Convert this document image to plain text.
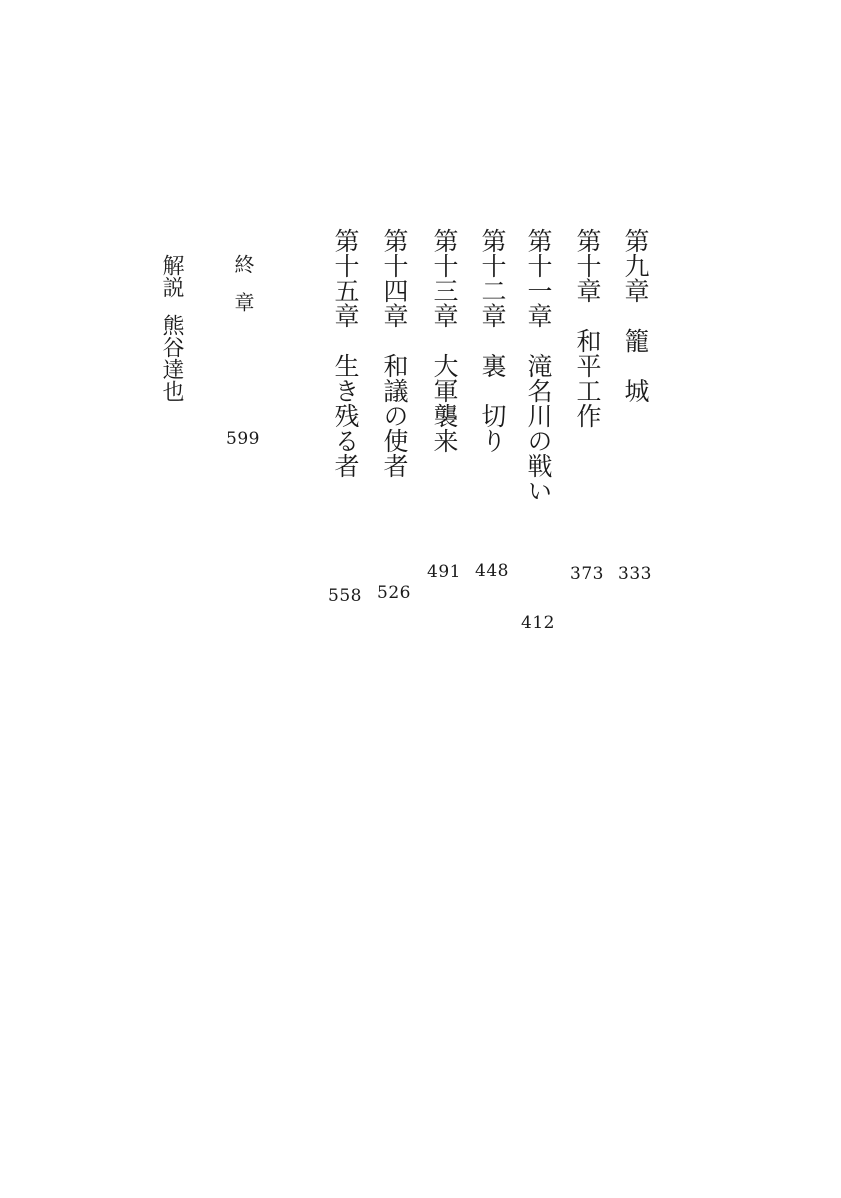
第九章　籠　城
333
第十章　和平工作
373
第十一章　滝名川の戦い
412
第十二章　裏　切り
448
第十三章　大軍襲来
491
第十四章　和議の使者
526
第十五章　生き残る者
558
終
章
599
解説
熊谷達也
